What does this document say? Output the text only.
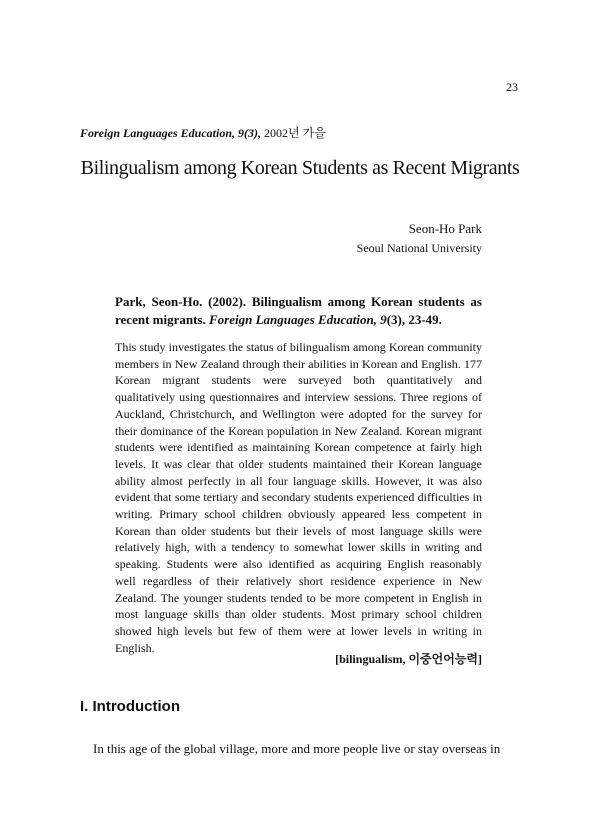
23
Foreign Languages Education, 9(3), 2002년 가을
Bilingualism among Korean Students as Recent Migrants
Seon-Ho Park
Seoul National University
Park, Seon-Ho. (2002). Bilingualism among Korean students as recent migrants. Foreign Languages Education, 9(3), 23-49.

This study investigates the status of bilingualism among Korean community members in New Zealand through their abilities in Korean and English. 177 Korean migrant students were surveyed both quantitatively and qualitatively using questionnaires and interview sessions. Three regions of Auckland, Christchurch, and Wellington were adopted for the survey for their dominance of the Korean population in New Zealand. Korean migrant students were identified as maintaining Korean competence at fairly high levels. It was clear that older students maintained their Korean language ability almost perfectly in all four language skills. However, it was also evident that some tertiary and secondary students experienced difficulties in writing. Primary school children obviously appeared less competent in Korean than older students but their levels of most language skills were relatively high, with a tendency to somewhat lower skills in writing and speaking. Students were also identified as acquiring English reasonably well regardless of their relatively short residence experience in New Zealand. The younger students tended to be more competent in English in most language skills than older students. Most primary school children showed high levels but few of them were at lower levels in writing in English.

[bilingualism, 이중언어능력]
I. Introduction
In this age of the global village, more and more people live or stay overseas in
